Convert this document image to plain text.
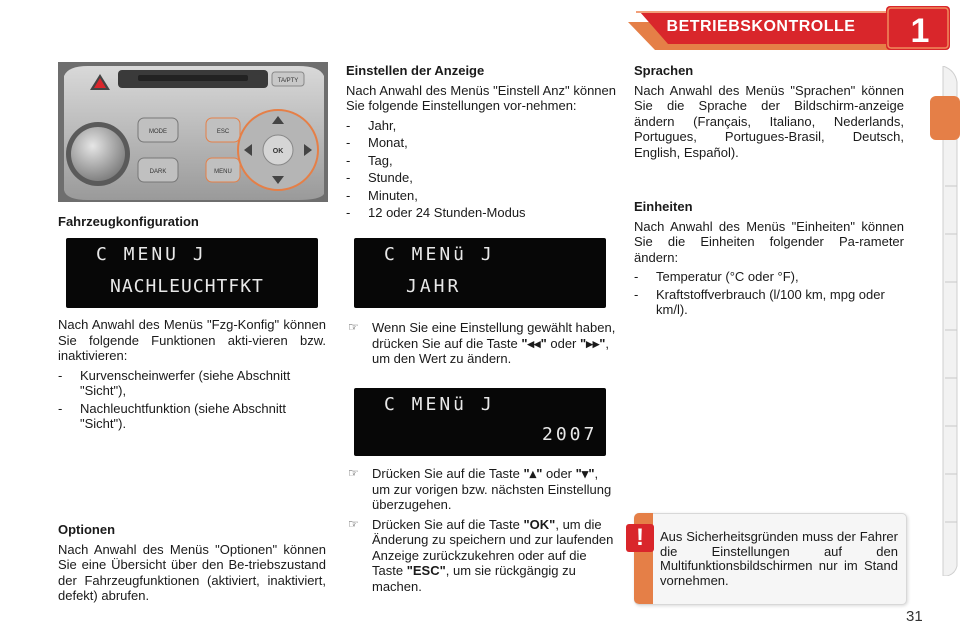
BETRIEBSKONTROLLE	1
TA/PTY
MODE
DARK
ESC
MENU
OK
Fahrzeugkonfiguration
C MENU J
NACHLEUCHTFKT

Nach Anwahl des Menüs "Fzg-Konfig" können Sie folgende Funktionen akti-vieren bzw. inaktivieren:

- Kurvenscheinwerfer (siehe Abschnitt "Sicht"),
- Nachleuchtfunktion (siehe Abschnitt "Sicht").
Optionen

Nach Anwahl des Menüs "Optionen" können Sie eine Übersicht über den Be-triebszustand der Fahrzeugfunktionen (aktiviert, inaktiviert, defekt) abrufen.

Einstellen der Anzeige

Nach Anwahl des Menüs "Einstell Anz" können Sie folgende Einstellungen vor-nehmen:

- Jahr,
- Monat,
- Tag,
- Stunde,
- Minuten,
- 12 oder 24 Stunden-Modus
C MENü J
JAHR
☞ Wenn Sie eine Einstellung gewählt haben, drücken Sie auf die Taste "◂◂" oder "▸▸", um den Wert zu ändern.
C MENü J
2007
☞ Drücken Sie auf die Taste "▴" oder "▾", um zur vorigen bzw. nächsten Einstellung überzugehen.
☞ Drücken Sie auf die Taste "OK", um die Änderung zu speichern und zur laufenden Anzeige zurückzukehren oder auf die Taste "ESC", um sie rückgängig zu machen.
Sprachen

Nach Anwahl des Menüs "Sprachen" können Sie die Sprache der Bildschirm-anzeige ändern (Français, Italiano, Nederlands, Portugues, Portugues-Brasil, Deutsch, English, Español).

Einheiten

Nach Anwahl des Menüs "Einheiten" können Sie die Einheiten folgender Pa-rameter ändern:

- Temperatur (°C oder °F),
- Kraftstoffverbrauch (l/100 km, mpg oder km/l).
!	Aus Sicherheitsgründen muss der Fahrer die Einstellungen auf den Multifunktionsbildschirmen nur im Stand vornehmen.
31
